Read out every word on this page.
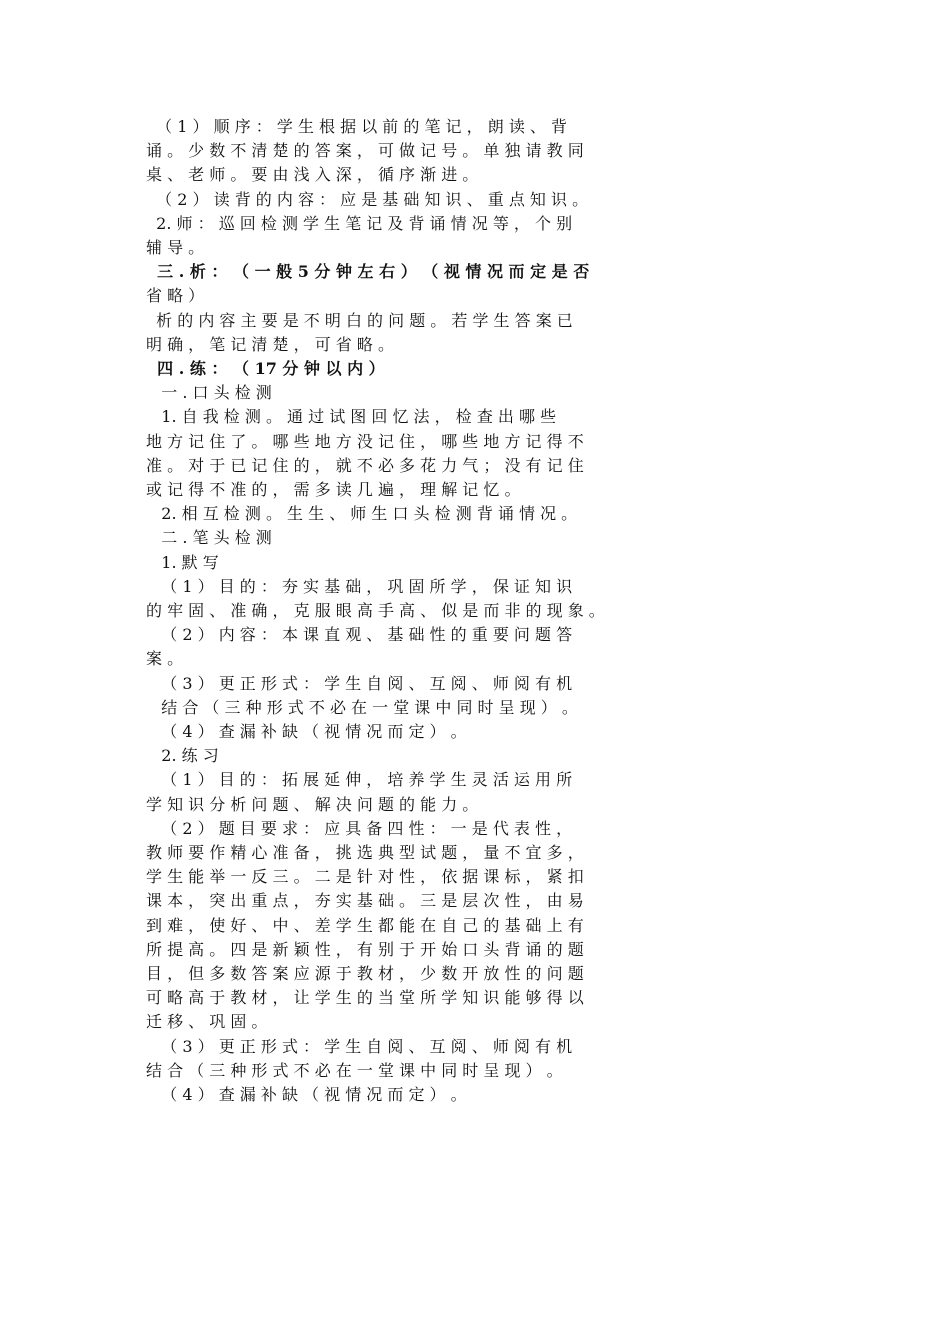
（ 1 ） 顺 序 ： 学 生 根 据 以 前 的 笔 记 ， 朗 读 、 背
诵 。 少 数 不 清 楚 的 答 案 ， 可 做 记 号 。 单 独 请 教 同
桌 、 老 师 。 要 由 浅 入 深 ， 循 序 渐 进 。
（ 2 ） 读 背 的 内 容 ： 应 是 基 础 知 识 、 重 点 知 识 。
2. 师 ： 巡 回 检 测 学 生 笔 记 及 背 诵 情 况 等 ， 个 别
辅 导 。
三 . 析 ： （ 一 般 5 分 钟 左 右 ） （ 视 情 况 而 定 是 否
省 略 ）
析 的 内 容 主 要 是 不 明 白 的 问 题 。 若 学 生 答 案 已
明 确 ， 笔 记 清 楚 ， 可 省 略 。
四 . 练 ： （ 17 分 钟 以 内 ）
一 . 口 头 检 测
1. 自 我 检 测 。 通 过 试 图 回 忆 法 ， 检 查 出 哪 些
地 方 记 住 了 。 哪 些 地 方 没 记 住 ， 哪 些 地 方 记 得 不
准 。 对 于 已 记 住 的 ， 就 不 必 多 花 力 气 ； 没 有 记 住
或 记 得 不 准 的 ， 需 多 读 几 遍 ， 理 解 记 忆 。
2. 相 互 检 测 。 生 生 、 师 生 口 头 检 测 背 诵 情 况 。
二 . 笔 头 检 测
1. 默 写
（ 1 ） 目 的 ： 夯 实 基 础 ， 巩 固 所 学 ， 保 证 知 识
的 牢 固 、 准 确 ， 克 服 眼 高 手 高 、 似 是 而 非 的 现 象 。
（ 2 ） 内 容 ： 本 课 直 观 、 基 础 性 的 重 要 问 题 答
案 。
（ 3 ） 更 正 形 式 ： 学 生 自 阅 、 互 阅 、 师 阅 有 机
结 合 （ 三 种 形 式 不 必 在 一 堂 课 中 同 时 呈 现 ） 。
（ 4 ） 查 漏 补 缺 （ 视 情 况 而 定 ） 。
2. 练 习
（ 1 ） 目 的 ： 拓 展 延 伸 ， 培 养 学 生 灵 活 运 用 所
学 知 识 分 析 问 题 、 解 决 问 题 的 能 力 。
（ 2 ） 题 目 要 求 ： 应 具 备 四 性 ： 一 是 代 表 性 ，
教 师 要 作 精 心 准 备 ， 挑 选 典 型 试 题 ， 量 不 宜 多 ，
学 生 能 举 一 反 三 。 二 是 针 对 性 ， 依 据 课 标 ， 紧 扣
课 本 ， 突 出 重 点 ， 夯 实 基 础 。 三 是 层 次 性 ， 由 易
到 难 ， 使 好 、 中 、 差 学 生 都 能 在 自 己 的 基 础 上 有
所 提 高 。 四 是 新 颖 性 ， 有 别 于 开 始 口 头 背 诵 的 题
目 ， 但 多 数 答 案 应 源 于 教 材 ， 少 数 开 放 性 的 问 题
可 略 高 于 教 材 ， 让 学 生 的 当 堂 所 学 知 识 能 够 得 以
迁 移 、 巩 固 。
（ 3 ） 更 正 形 式 ： 学 生 自 阅 、 互 阅 、 师 阅 有 机
结 合 （ 三 种 形 式 不 必 在 一 堂 课 中 同 时 呈 现 ） 。
（ 4 ） 查 漏 补 缺 （ 视 情 况 而 定 ） 。
